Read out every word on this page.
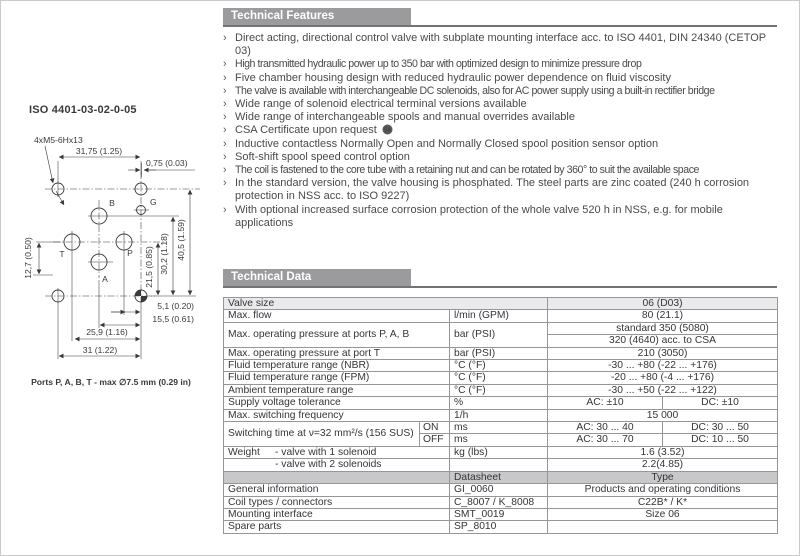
ISO 4401-03-02-0-05
4xM5-6Hx13
31,75 (1.25)
0,75 (0.03)
12,7 (0.50)	21,5 (0.85) 30,2 (1.18) 40,5 (1.59)
5,1 (0.20)
15,5 (0.61)
25,9 (1.16)
31 (1.22)
B	G
T	P
A
Ports P, A, B, T - max ∅7.5 mm (0.29 in)
Technical Features
› Direct acting, directional control valve with subplate mounting interface acc. to ISO 4401, DIN 24340 (CETOP 03)
› High transmitted hydraulic power up to 350 bar with optimized design to minimize pressure drop
› Five chamber housing design with reduced hydraulic power dependence on fluid viscosity
› The valve is available with interchangeable DC solenoids, also for AC power supply using a built-in rectifier bridge
› Wide range of solenoid electrical terminal versions available
› Wide range of interchangeable spools and manual overrides available
› CSA Certificate upon request SA
› Inductive contactless Normally Open and Normally Closed spool position sensor option
› Soft-shift spool speed control option
› The coil is fastened to the core tube with a retaining nut and can be rotated by 360° to suit the available space
› In the standard version, the valve housing is phosphated. The steel parts are zinc coated (240 h corrosion protection in NSS acc. to ISO 9227)
› With optional increased surface corrosion protection of the whole valve 520 h in NSS, e.g. for mobile applications
Technical Data
Valve size			06 (D03)	
Max. flow		l/min (GPM)	80 (21.1)	
Max. operating pressure at ports P, A, B		bar (PSI)	standard 350 (5080)	
			320 (4640) acc. to CSA	
Max. operating pressure at port T		bar (PSI)	210 (3050)	
Fluid temperature range (NBR)		°C (°F)	-30 ... +80 (-22 ... +176)	
Fluid temperature range (FPM)		°C (°F)	-20 ... +80 (-4 ... +176)	
Ambient temperature range		°C (°F)	-30 ... +50 (-22 ... +122)	
Supply voltage tolerance		%	AC: ±10	DC: ±10
Max. switching frequency		1/h	15 000	
Switching time at ν=32 mm²/s (156 SUS)	ON	ms	AC: 30 ... 40	DC: 30 ... 50
	OFF	ms	AC: 30 ... 70	DC: 10 ... 50
Weight - valve with 1 solenoid		kg (lbs)	1.6 (3.52)	
- valve with 2 solenoids			2.2(4.85)	
		Datasheet	Type	
General information		GI_0060	Products and operating conditions	
Coil types / connectors		C_8007 / K_8008	C22B* / K*	
Mounting interface		SMT_0019	Size 06	
Spare parts		SP_8010		
